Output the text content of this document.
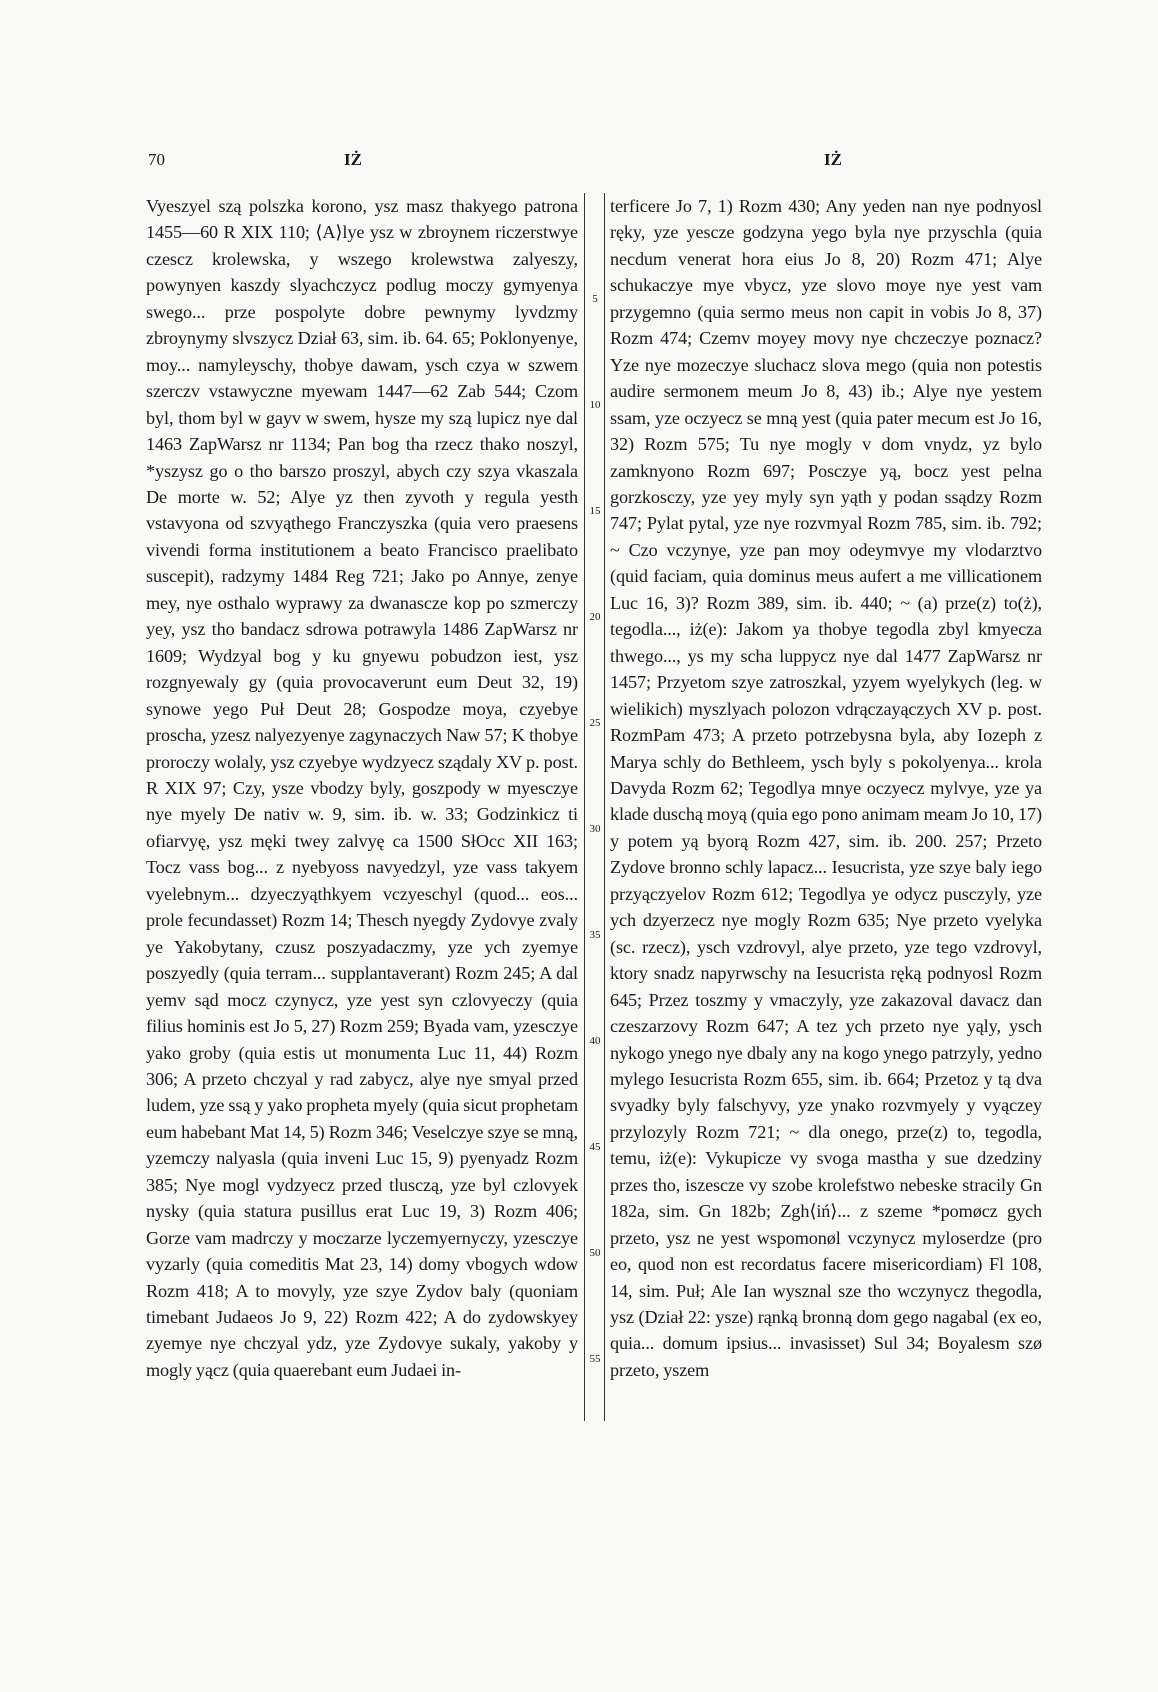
70	IŻ	IŻ
Vyeszyel szą polszka korono, ysz masz thakyego patrona 1455—60 R XIX 110; ⟨A⟩lye ysz w zbroynem riczerstwye czescz krolewska, y wszego krolewstwa zalyeszy, powynyen kaszdy slyachczycz podlug moczy gymyenya swego... prze pospolyte dobre pewnymy lyvdzmy zbroynymy slvszycz Dział 63, sim. ib. 64. 65; Poklonyenye, moy... namyleyschy, thobye dawam, ysch czya w szwem szerczv vstawyczne myewam 1447—62 Zab 544; Czom byl, thom byl w gayv w swem, hysze my szą lupicz nye dal 1463 ZapWarsz nr 1134; Pan bog tha rzecz thako noszyl, *yszysz go o tho barszo proszyl, abych czy szya vkaszala De morte w. 52; Alye yz then zyvoth y regula yesth vstavyona od szvyąthego Franczyszka (quia vero praesens vivendi forma institutionem a beato Francisco praelibato suscepit), radzymy 1484 Reg 721; Jako po Annye, zenye mey, nye osthalo wyprawy za dwanascze kop po szmerczy yey, ysz tho bandacz sdrowa potrawyla 1486 ZapWarsz nr 1609; Wydzyal bog y ku gnyewu pobudzon iest, ysz rozgnyewaly gy (quia provocaverunt eum Deut 32, 19) synowe yego Puł Deut 28; Gospodze moya, czyebye proscha, yzesz nalyezyenye zagynaczych Naw 57; K thobye proroczy wolaly, ysz czyebye wydzyecz sządaly XV p. post. R XIX 97; Czy, ysze vbodzy byly, goszpody w myesczye nye myely De nativ w. 9, sim. ib. w. 33; Godzinkicz ti ofiarvyę, ysz męki twey zalvyę ca 1500 SłOcc XII 163; Tocz vass bog... z nyebyoss navyedzyl, yze vass takyem vyelebnym... dzyeczyąthkyem vczyeschyl (quod... eos... prole fecundasset) Rozm 14; Thesch nyegdy Zydovye zvaly ye Yakobytany, czusz poszyadaczmy, yze ych zyemye poszyedly (quia terram... supplantaverant) Rozm 245; A dal yemv sąd mocz czynycz, yze yest syn czlovyeczy (quia filius hominis est Jo 5, 27) Rozm 259; Byada vam, yzesczye yako groby (quia estis ut monumenta Luc 11, 44) Rozm 306; A przeto chczyal y rad zabycz, alye nye smyal przed ludem, yze ssą y yako propheta myely (quia sicut prophetam eum habebant Mat 14, 5) Rozm 346; Veselczye szye se mną, yzemczy nalyasla (quia inveni Luc 15, 9) pyenyadz Rozm 385; Nye mogl vydzyecz przed tlusczą, yze byl czlovyek nysky (quia statura pusillus erat Luc 19, 3) Rozm 406; Gorze vam madrczy y moczarze lyczemyernyczy, yzesczye vyzarly (quia comeditis Mat 23, 14) domy vbogych wdow Rozm 418; A to movyly, yze szye Zydov baly (quoniam timebant Judaeos Jo 9, 22) Rozm 422; A do zydowskyey zyemye nye chczyal ydz, yze Zydovye sukaly, yakoby y mogly yącz (quia quaerebant eum Judaei in-
5
10
15
20
25
30
35
40
45
50
55
terficere Jo 7, 1) Rozm 430; Any yeden nan nye podnyosl ręky, yze yescze godzyna yego byla nye przyschla (quia necdum venerat hora eius Jo 8, 20) Rozm 471; Alye schukaczye mye vbycz, yze slovo moye nye yest vam przygemno (quia sermo meus non capit in vobis Jo 8, 37) Rozm 474; Czemv moyey movy nye chczeczye poznacz? Yze nye mozeczye sluchacz slova mego (quia non potestis audire sermonem meum Jo 8, 43) ib.; Alye nye yestem ssam, yze oczyecz se mną yest (quia pater mecum est Jo 16, 32) Rozm 575; Tu nye mogly v dom vnydz, yz bylo zamknyono Rozm 697; Posczye yą, bocz yest pelna gorzkosczy, yze yey myly syn yąth y podan ssądzy Rozm 747; Pylat pytal, yze nye rozvmyal Rozm 785, sim. ib. 792; ~ Czo vczynye, yze pan moy odeymvye my vlodarztvo (quid faciam, quia dominus meus aufert a me villicationem Luc 16, 3)? Rozm 389, sim. ib. 440; ~ (a) prze(z) to(ż), tegodla..., iż(e): Jakom ya thobye tegodla zbyl kmyecza thwego..., ys my scha luppycz nye dal 1477 ZapWarsz nr 1457; Przyetom szye zatroszkal, yzyem wyelykych (leg. w wielikich) myszlyach polozon vdrączayączych XV p. post. RozmPam 473; A przeto potrzebysna byla, aby Iozeph z Marya schly do Bethleem, ysch byly s pokolyenya... krola Davyda Rozm 62; Tegodlya mnye oczyecz mylvye, yze ya klade duschą moyą (quia ego pono animam meam Jo 10, 17) y potem yą byorą Rozm 427, sim. ib. 200. 257; Przeto Zydove bronno schly lapacz... Iesucrista, yze szye baly iego przyączyelov Rozm 612; Tegodlya ye odycz pusczyly, yze ych dzyerzecz nye mogly Rozm 635; Nye przeto vyelyka (sc. rzecz), ysch vzdrovyl, alye przeto, yze tego vzdrovyl, ktory snadz napyrwschy na Iesucrista ręką podnyosl Rozm 645; Przez toszmy y vmaczyly, yze zakazoval davacz dan czeszarzovy Rozm 647; A tez ych przeto nye yąly, ysch nykogo ynego nye dbaly any na kogo ynego patrzyly, yedno mylego Iesucrista Rozm 655, sim. ib. 664; Przetoz y tą dva svyadky byly falschyvy, yze ynako rozvmyely y vyączey przylozyly Rozm 721; ~ dla onego, prze(z) to, tegodla, temu, iż(e): Vykupicze vy svoga mastha y sue dzedziny przes tho, iszescze vy szobe krolefstwo nebeske stracily Gn 182a, sim. Gn 182b; Zgh⟨iń⟩... z szeme *pomøcz gych przeto, ysz ne yest wspomonøl vczynycz myloserdze (pro eo, quod non est recordatus facere misericordiam) Fl 108, 14, sim. Puł; Ale Ian wysznal sze tho wczynycz thegodla, ysz (Dział 22: ysze) rąnką bronną dom gego nagabal (ex eo, quia... domum ipsius... invasisset) Sul 34; Boyalesm szø przeto, yszem
